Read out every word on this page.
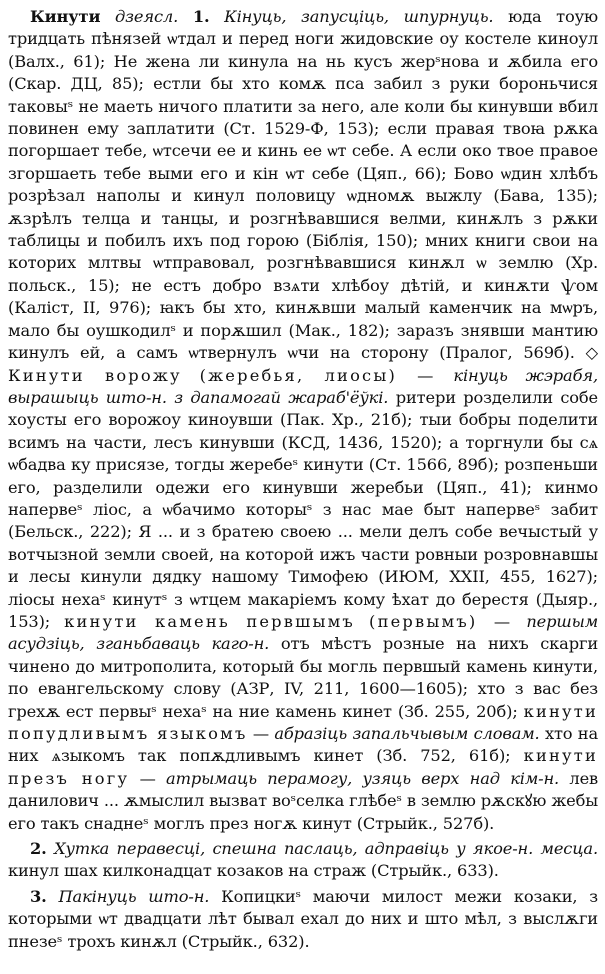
Кинути дзеясл. 1. Кінуць, запусціць, шпурнуць. юда тоую тридцать пѣнязей ѡтдал и перед ноги жидовские оу костеле киноул (Валх., 61); Не жена ли кинула на нь кусъ жерˢнова и ѫбила его (Скар. ДЦ, 85); естли бы хто комѫ пса забил з руки бороньчися таковыˢ не маеть ничого платити за него, але коли бы кинувши вбил повинен ему заплатити (Ст. 1529-Ф, 153); если правая твоꙗ рѫка погоршает тебе, ѡтсечи ее и кинь ее ѡт себе. А если око твое правое згоршаеть тебе выми его и кін ѡт себе (Цяп., 66); Бово ѡдин хлѣбъ розрѣзал наполы и кинул половицу ѡдномѫ выжлу (Бава, 135); ѫзрѣлъ телца и танцы, и розгнѣвавшися велми, кинѫлъ з рѫки таблицы и побилъ ихъ под горою (Біблія, 150); мних книги свои на которих млтвы ѡтправовал, розгнѣвавшися кинѫл ѡ землю (Хр. польск., 15); не естъ добро взѧти хлѣбоу дѣтій, и кинѫти ѱом (Каліст, II, 976); ꙗкъ бы хто, кинѫвши малый каменчик на мѡръ, мало бы оушкодилˢ и порѫшил (Мак., 182); заразъ знявши мантию кинулъ ей, а самъ ѡтвернулъ ѡчи на сторону (Пралог, 569б). ◇ Кинути ворожу (жеребья, лиосы) — кінуць жэрабя, вырашыць што-н. з дапамогай жараб'ёўкі. ритери розделили собе хоусты его ворожоу киноувши (Пак. Хр., 21б); тыи бобры поделити всимъ на части, лесъ кинувши (КСД, 1436, 1520); а торгнули бы сѧ ѡбадва ку присязе, тогды жеребеˢ кинути (Ст. 1566, 89б); розпеньши его, разделили одежи его кинувши жеребьи (Цяп., 41); кинмо напервеˢ ліос, а ѡбачимо которыˢ з нас мае быт напервеˢ забит (Бельск., 222); Я ... и з братею своею ... мели делъ собе вечыстый у вотчызной земли своей, на которой ижъ части ровныи розровнавшы и лесы кинули дядку нашому Тимофею (ИЮМ, XXII, 455, 1627); ліосы нехаˢ кинутˢ з ѡтцем макаріемъ кому ѣхат до берестя (Дыяр., 153); кинути камень первшымъ (первымъ) — першым асудзіць, зганьбаваць каго-н. отъ мѣстъ розные на нихъ скарги чинено до митрополита, который бы могль первшый камень кинути, по евангельскому слову (АЗР, IV, 211, 1600—1605); хто з вас без грехѫ ест первыˢ нехаˢ на ние камень кинет (Зб. 255, 20б); кинути попудливымъ языкомъ — абразіць запальчывым словам. хто на них ѧзыкомъ так попѫдливымъ кинет (Зб. 752, 61б); кинути презъ ногу — атрымаць перамогу, узяць верх над кім-н. лев данилович ... ѫмыслил вызват воˢселка глѣбеˢ в землю рѫскꙋю жебы его такъ снаднеˢ моглъ през ногѫ кинут (Стрыйк., 527б).

2. Хутка перавесці, спешна паслаць, адправіць у якое-н. месца. кинул шах килконадцат козаков на страж (Стрыйк., 633).

3. Пакінуць што-н. Копицкиˢ маючи милост межи козаки, з которыми ѡт двадцати лѣт бывал ехал до них и што мѣл, з выслѫги пнезеˢ трохъ кинѫл (Стрыйк., 632).
